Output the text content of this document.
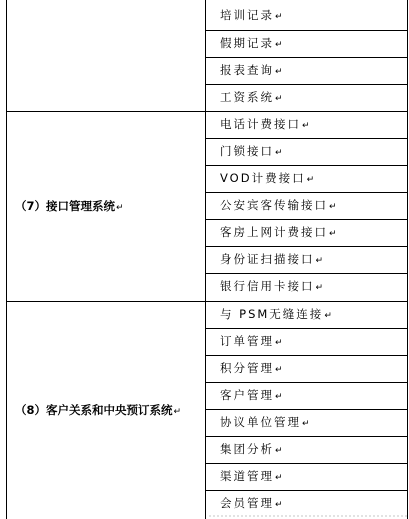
培训记录↵
假期记录↵
报表查询↵
工资系统↵
（7）接口管理系统↵
电话计费接口↵
门锁接口↵
VOD计费接口↵
公安宾客传输接口↵
客房上网计费接口↵
身份证扫描接口↵
银行信用卡接口↵
（8）客户关系和中央预订系统↵
与 PSM无缝连接↵
订单管理↵
积分管理↵
客户管理↵
协议单位管理↵
集团分析↵
渠道管理↵
会员管理↵
